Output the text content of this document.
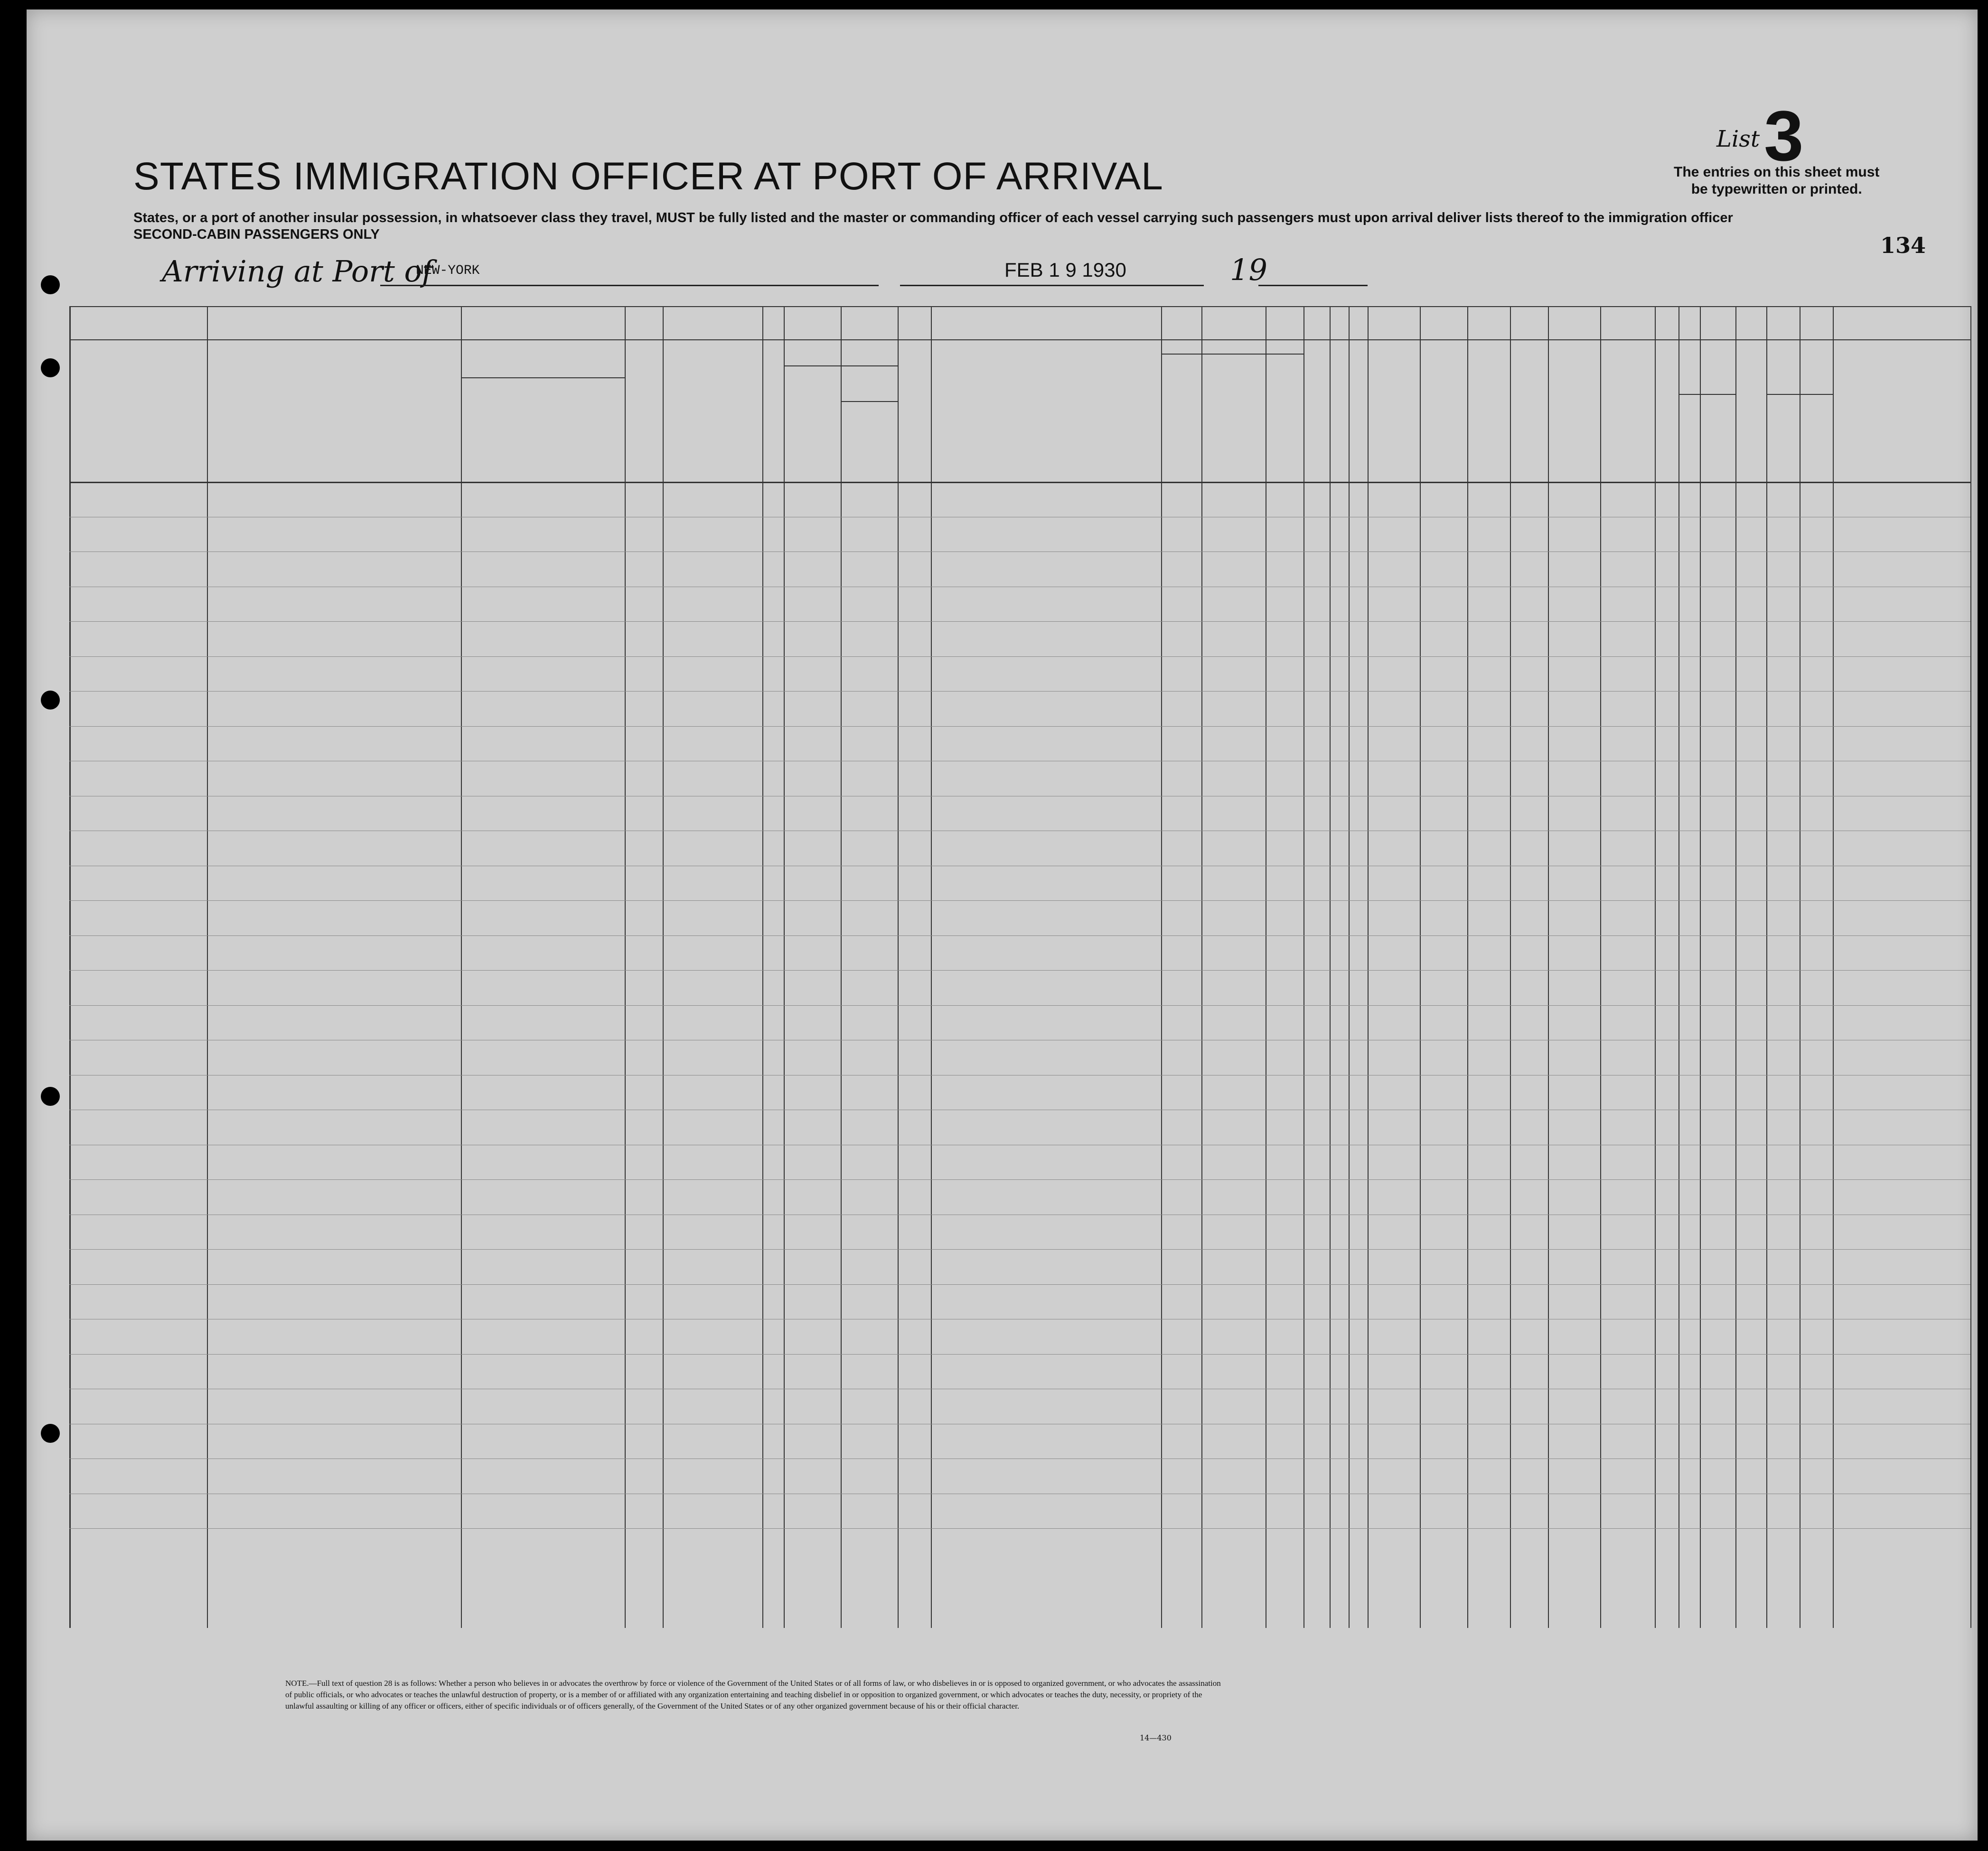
STATES IMMIGRATION OFFICER AT PORT OF ARRIVAL
States, or a port of another insular possession, in whatsoever class they travel, MUST be fully listed and the master or commanding officer of each vessel carrying such passengers must upon arrival deliver lists thereof to the immigration officer
SECOND-CABIN PASSENGERS ONLY
List 3
The entries on this sheet must
be typewritten or printed.
134
Arriving at Port of
NEW-YORK	FEB 1 9 1930	19
NOTE.—Full text of question 28 is as follows: Whether a person who believes in or advocates the overthrow by force or violence of the Government of the United States or of all forms of law, or who disbelieves in or is opposed to organized government, or who advocates the assassination of public officials, or who advocates or teaches the unlawful destruction of property, or is a member of or affiliated with any organization entertaining and teaching disbelief in or opposition to organized government, or which advocates or teaches the duty, necessity, or propriety of the unlawful assaulting or killing of any officer or officers, either of specific individuals or of officers generally, of the Government of the United States or of any other organized government because of his or their official character.
14—430
